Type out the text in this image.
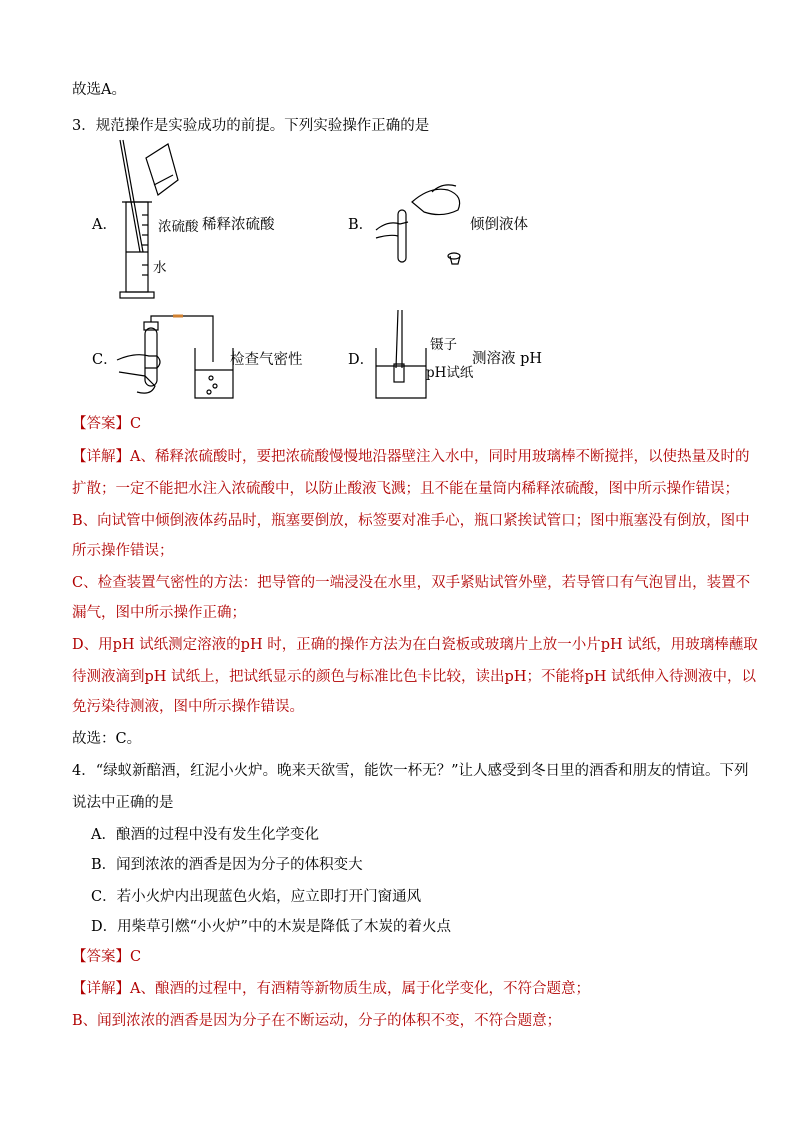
故选A。
3．规范操作是实验成功的前提。下列实验操作正确的是
A．	浓硫酸 稀释浓硫酸
水
B．	倾倒液体
C．	检查气密性	D．
镊子
pH试纸
测溶液 pH
【答案】C
【详解】A、稀释浓硫酸时，要把浓硫酸慢慢地沿器壁注入水中，同时用玻璃棒不断搅拌，以使热量及时的
扩散；一定不能把水注入浓硫酸中，以防止酸液飞溅；且不能在量筒内稀释浓硫酸，图中所示操作错误；
B、向试管中倾倒液体药品时，瓶塞要倒放，标签要对准手心，瓶口紧挨试管口；图中瓶塞没有倒放，图中
所示操作错误；
C、检查装置气密性的方法：把导管的一端浸没在水里，双手紧贴试管外壁，若导管口有气泡冒出，装置不
漏气，图中所示操作正确；
D、用pH 试纸测定溶液的pH 时，正确的操作方法为在白瓷板或玻璃片上放一小片pH 试纸，用玻璃棒蘸取
待测液滴到pH 试纸上，把试纸显示的颜色与标准比色卡比较，读出pH；不能将pH 试纸伸入待测液中，以
免污染待测液，图中所示操作错误。
故选：C。
4．“绿蚁新醅酒，红泥小火炉。晚来天欲雪，能饮一杯无？”让人感受到冬日里的酒香和朋友的情谊。下列
说法中正确的是
A．酿酒的过程中没有发生化学变化
B．闻到浓浓的酒香是因为分子的体积变大
C．若小火炉内出现蓝色火焰，应立即打开门窗通风
D．用柴草引燃“小火炉”中的木炭是降低了木炭的着火点
【答案】C
【详解】A、酿酒的过程中，有酒精等新物质生成，属于化学变化，不符合题意；
B、闻到浓浓的酒香是因为分子在不断运动，分子的体积不变，不符合题意；
